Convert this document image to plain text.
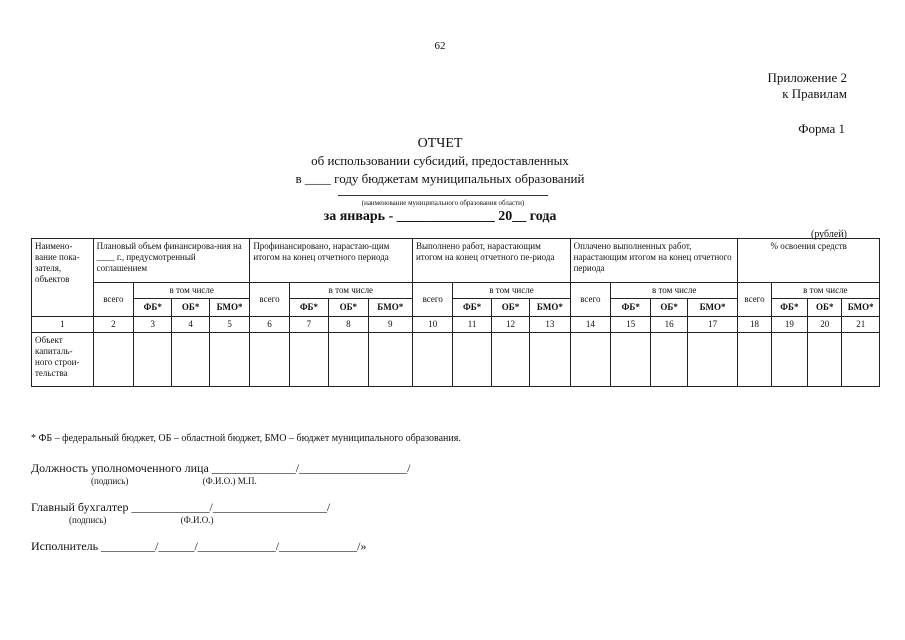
62
Приложение 2
к Правилам
Форма 1
ОТЧЕТ
об использовании субсидий, предоставленных
в ____ году бюджетам муниципальных образований
(наименование муниципального образования области)
за январь - ______________ 20__ года
(рублей)
Наимено-вание пока-зателя, объектов	Плановый объем финансирова-ния на ____ г., предусмотренный соглашением				Профинансировано, нарастаю-щим итогом на конец отчетного периода				Выполнено работ, нарастающим итогом на конец отчетного пе-риода				Оплачено выполненных работ, нарастающим итогом на конец отчетного периода				% освоения средств			
	всего	в том числе			всего	в том числе			всего	в том числе			всего	в том числе			всего	в том числе		
		ФБ*	ОБ*	БМО*		ФБ*	ОБ*	БМО*		ФБ*	ОБ*	БМО*		ФБ*	ОБ*	БМО*		ФБ*	ОБ*	БМО*
1	2	3	4	5	6	7	8	9	10	11	12	13	14	15	16	17	18	19	20	21
Объект капиталь-ного строи-тельства																				
* ФБ – федеральный бюджет, ОБ – областной бюджет, БМО – бюджет муниципального образования.
Должность уполномоченного лица ______________/__________________/
(подпись)                                 (Ф.И.О.) М.П.
Главный бухгалтер _____________/___________________/
(подпись)                                 (Ф.И.О.)
Исполнитель _________/______/_____________/_____________/»
